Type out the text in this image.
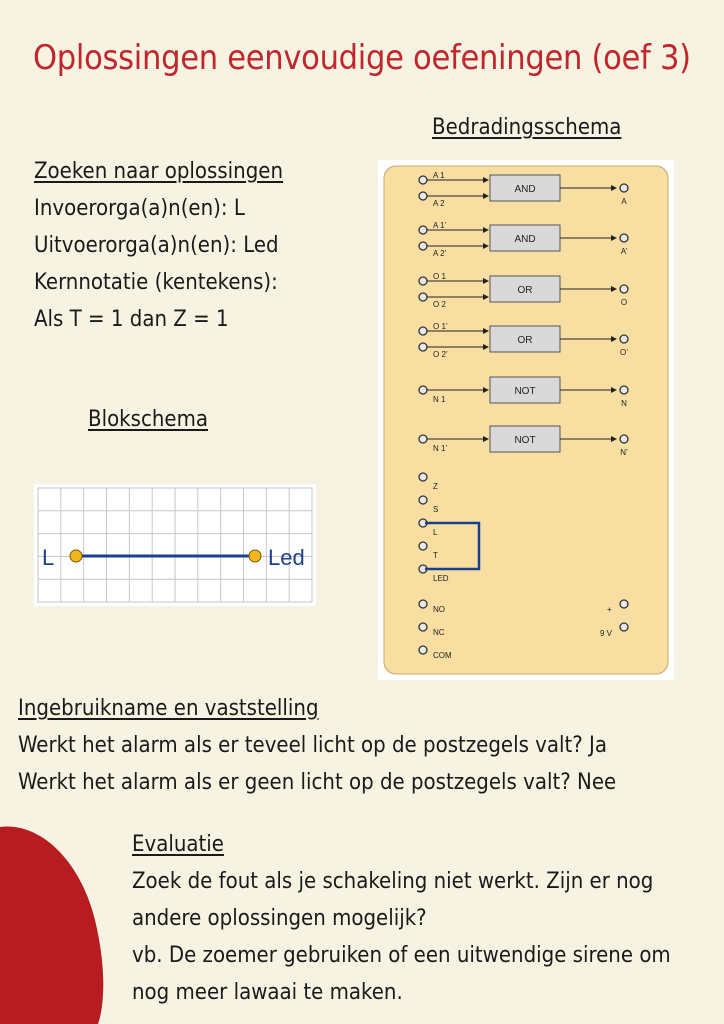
Oplossingen eenvoudige oefeningen (oef 3)
Bedradingsschema
Zoeken naar oplossingen
Invoerorga(a)n(en): L
Uitvoerorga(a)n(en): Led
Kernnotatie (kentekens):
Als T = 1 dan Z = 1
Blokschema
L	Led
A 1
A 2
AND
A
A 1’
A 2’
AND
A’
O 1
O 2
OR
O
O 1’
O 2’
OR
O’
N 1
NOT
N
N 1’
NOT
N’
Z
S
L
T
LED
NO
NC
COM
+
9 V
Ingebruikname en vaststelling
Werkt het alarm als er teveel licht op de postzegels valt? Ja
Werkt het alarm als er geen licht op de postzegels valt? Nee
Evaluatie
Zoek de fout als je schakeling niet werkt. Zijn er nog
andere oplossingen mogelijk?
vb. De zoemer gebruiken of een uitwendige sirene om
nog meer lawaai te maken.
